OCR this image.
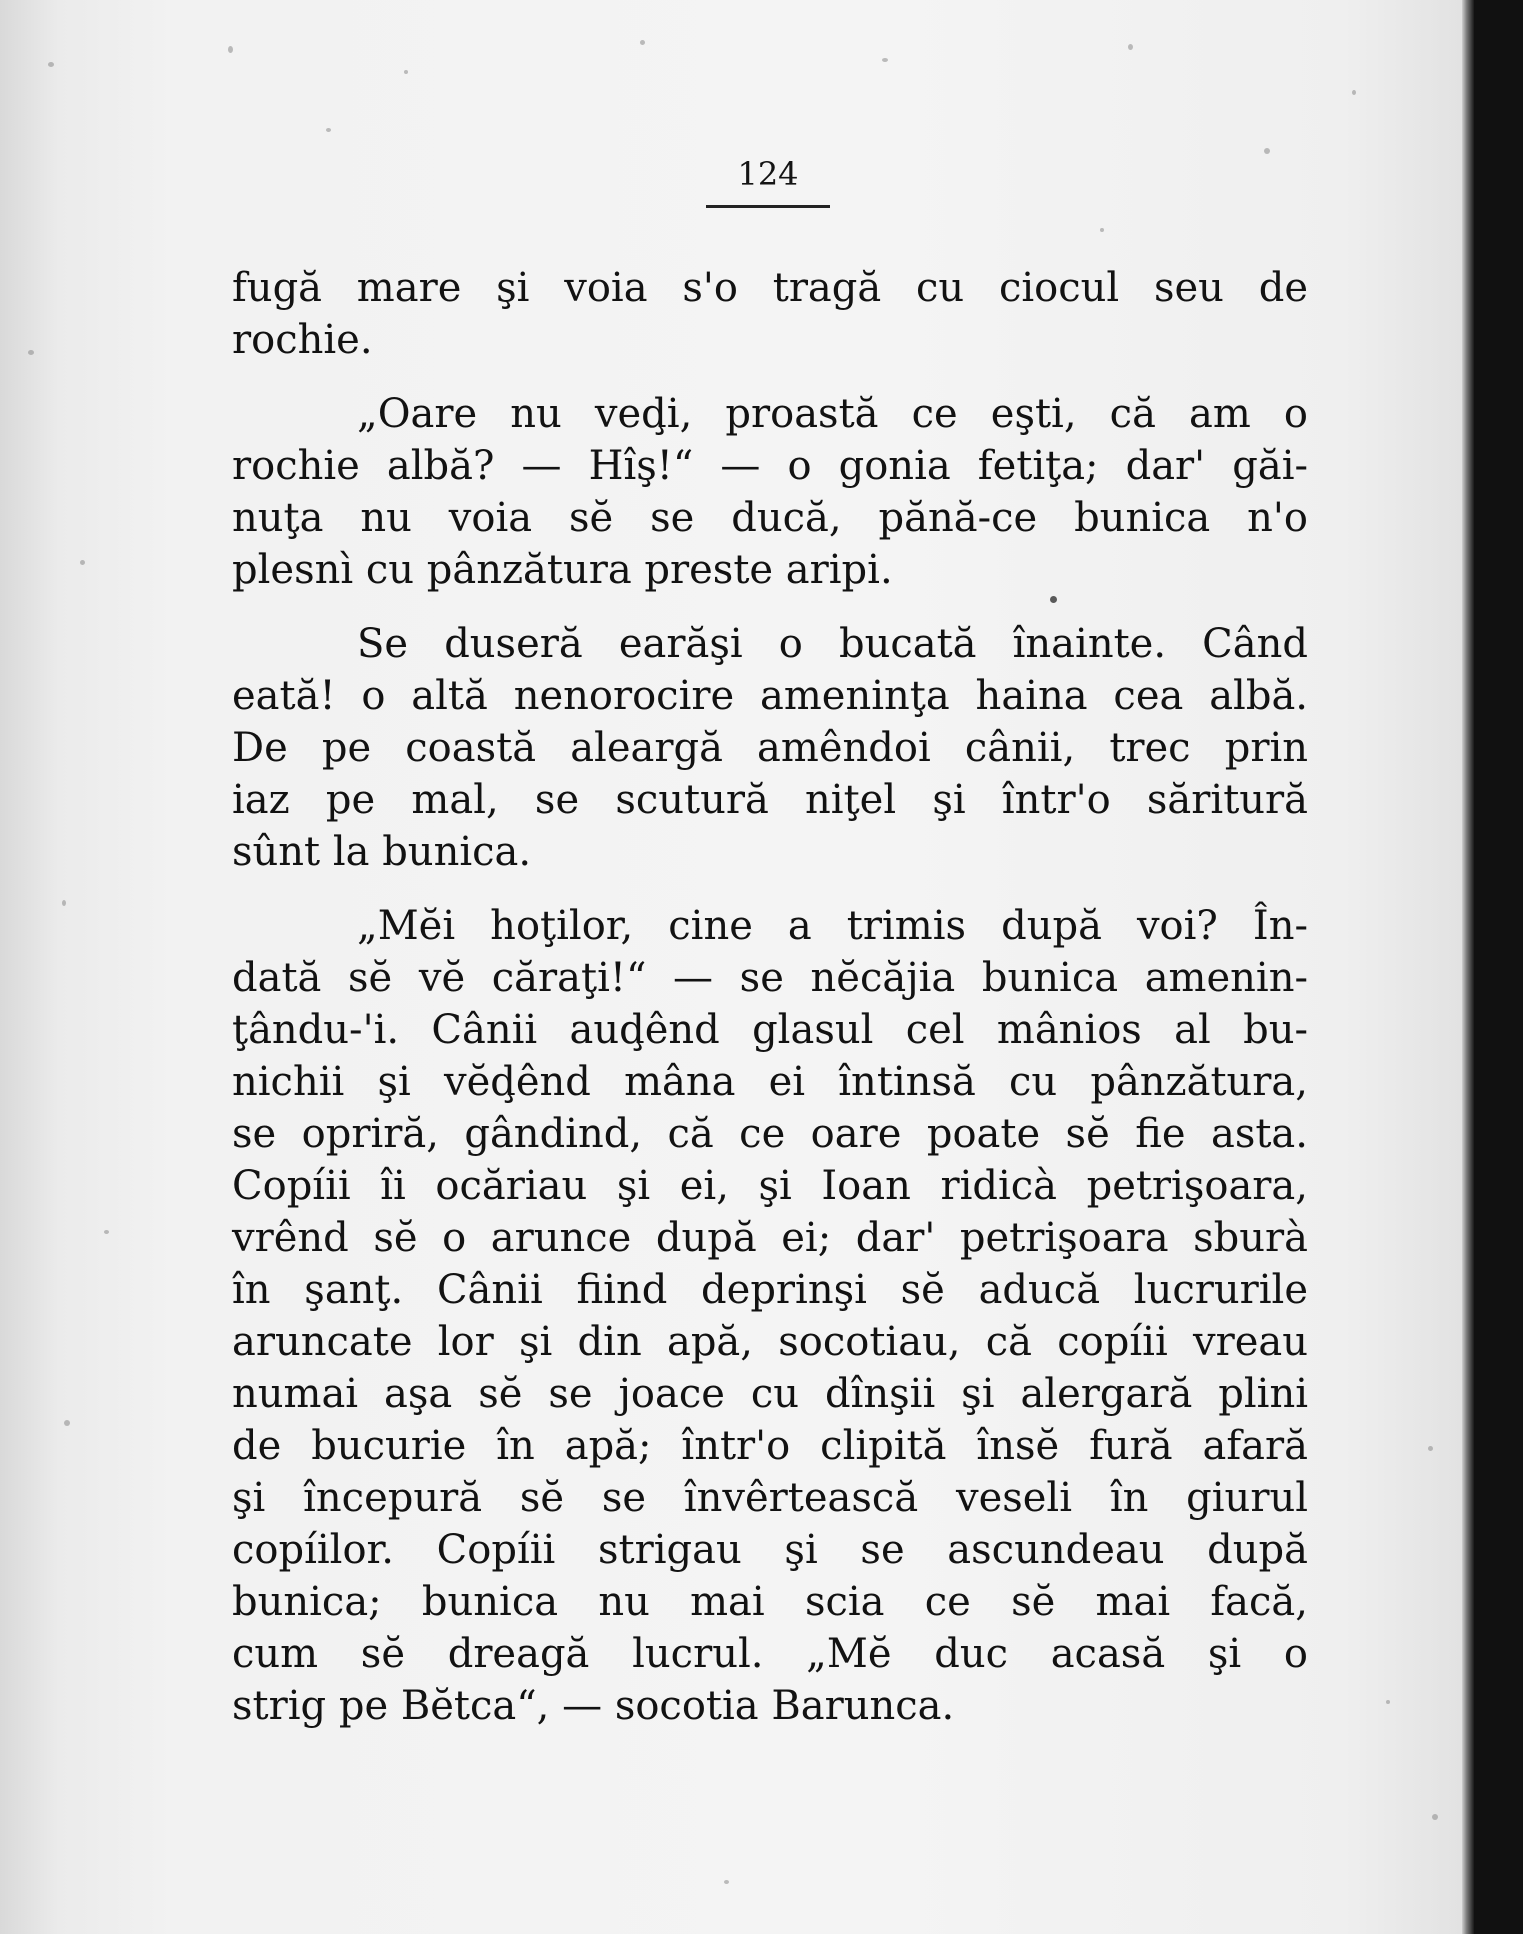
124

fugă mare şi voia s'o tragă cu ciocul seu de
rochie.
„Oare nu veḑi, proastă ce eşti, că am o
rochie albă? — Hîş!“ — o gonia fetiţa; dar' găi-
nuţa nu voia sĕ se ducă, pănă-ce bunica n'o
plesnì cu pânzătura preste aripi.
Se duseră earăşi o bucată înainte. Când
eată! o altă nenorocire ameninţa haina cea albă.
De pe coastă aleargă amêndoi cânii, trec prin
iaz pe mal, se scutură niţel şi într'o săritură
sûnt la bunica.
„Mĕi hoţilor, cine a trimis după voi? În-
dată sĕ vĕ căraţi!“ — se nĕcăjia bunica amenin-
ţându-'i. Cânii auḑênd glasul cel mânios al bu-
nichii şi vĕḑênd mâna ei întinsă cu pânzătura,
se opriră, gândind, că ce oare poate sĕ fie asta.
Copíii îi ocăriau şi ei, şi Ioan ridicà petrişoara,
vrênd sĕ o arunce după ei; dar' petrişoara sburà
în şanţ. Cânii fiind deprinşi sĕ aducă lucrurile
aruncate lor şi din apă, socotiau, că copíii vreau
numai aşa sĕ se joace cu dînşii şi alergară plini
de bucurie în apă; într'o clipită însĕ fură afară
şi începură sĕ se învêrtească veseli în giurul
copíilor. Copíii strigau şi se ascundeau după
bunica; bunica nu mai scia ce sĕ mai facă,
cum sĕ dreagă lucrul. „Mĕ duc acasă şi o
strig pe Bĕtca“, — socotia Barunca.
